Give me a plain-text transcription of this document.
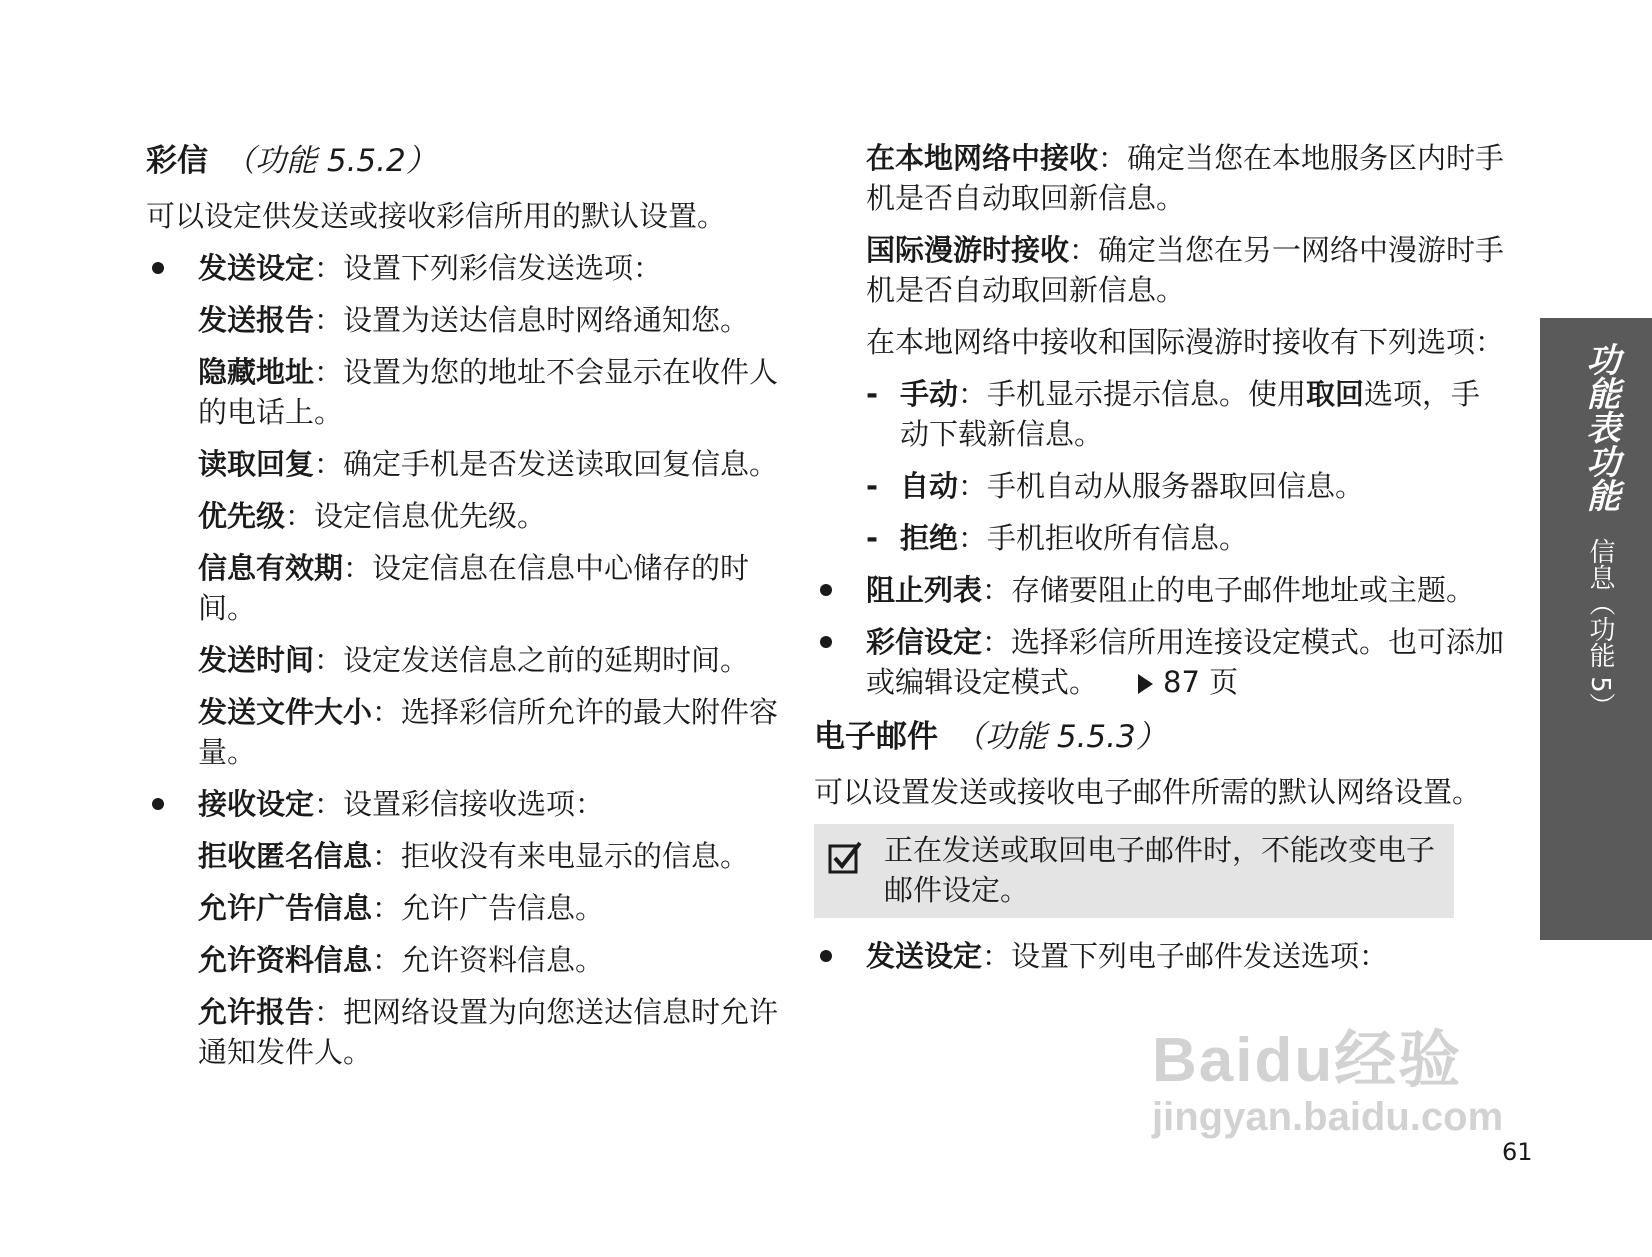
彩信 （功能 5.5.2）
可以设定供发送或接收彩信所用的默认设置。
发送设定：设置下列彩信发送选项：
发送报告：设置为送达信息时网络通知您。
隐藏地址：设置为您的地址不会显示在收件人的电话上。
读取回复：确定手机是否发送读取回复信息。
优先级：设定信息优先级。
信息有效期：设定信息在信息中心储存的时间。
发送时间：设定发送信息之前的延期时间。
发送文件大小：选择彩信所允许的最大附件容量。
接收设定：设置彩信接收选项：
拒收匿名信息：拒收没有来电显示的信息。
允许广告信息：允许广告信息。
允许资料信息：允许资料信息。
允许报告：把网络设置为向您送达信息时允许通知发件人。
在本地网络中接收：确定当您在本地服务区内时手机是否自动取回新信息。
国际漫游时接收：确定当您在另一网络中漫游时手机是否自动取回新信息。
在本地网络中接收和国际漫游时接收有下列选项：
- 手动：手机显示提示信息。使用取回选项，手动下载新信息。
- 自动：手机自动从服务器取回信息。
- 拒绝：手机拒收所有信息。
阻止列表：存储要阻止的电子邮件地址或主题。
彩信设定：选择彩信所用连接设定模式。也可添加或编辑设定模式。 87 页
电子邮件 （功能 5.5.3）
可以设置发送或接收电子邮件所需的默认网络设置。
正在发送或取回电子邮件时，不能改变电子邮件设定。
发送设定：设置下列电子邮件发送选项：
功能表功能信息（功能 5）
61
Baidu经验
jingyan.baidu.com
